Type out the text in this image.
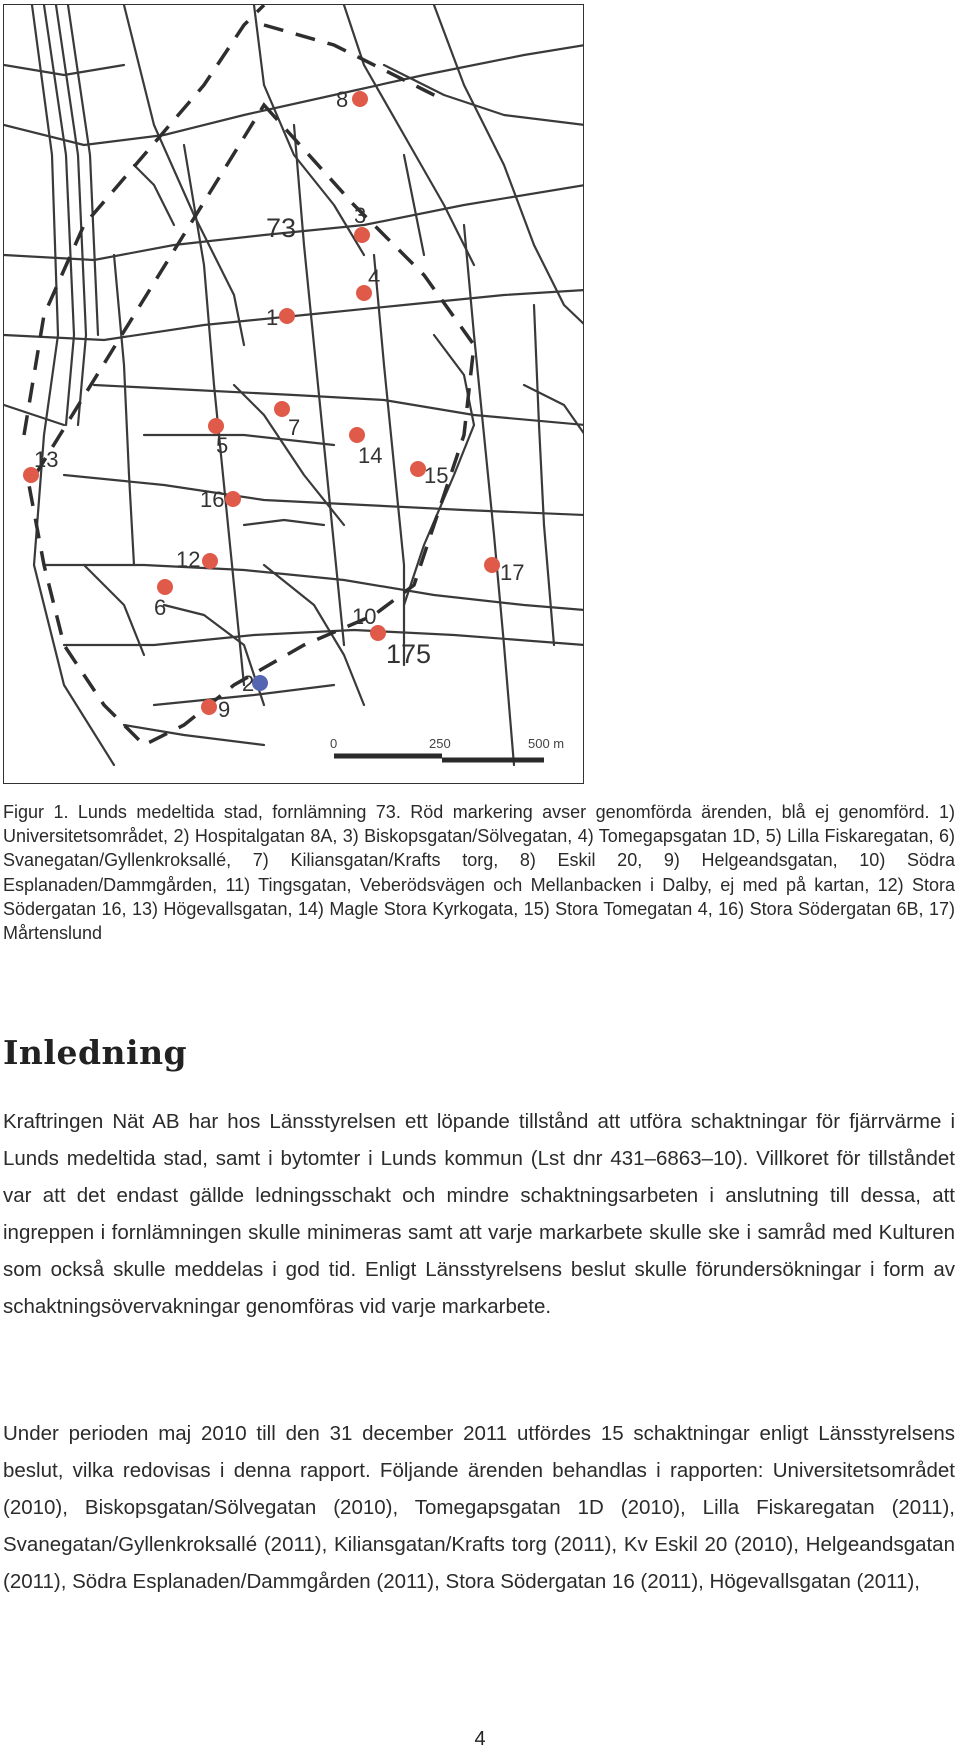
0	250	500 m
73
175
1
2
3
4
5
6
7
8
9
10
12
13	14
15
16
17
Figur 1. Lunds medeltida stad, fornlämning 73. Röd markering avser genomförda ärenden, blå ej genomförd. 1) Universitetsområdet, 2) Hospitalgatan 8A, 3) Biskopsgatan/Sölvegatan, 4) Tomegapsgatan 1D, 5) Lilla Fiskaregatan, 6) Svanegatan/Gyllenkroksallé, 7) Kiliansgatan/Krafts torg, 8) Eskil 20, 9) Helgeandsgatan, 10) Södra Esplanaden/Dammgården, 11) Tingsgatan, Veberödsvägen och Mellanbacken i Dalby, ej med på kartan, 12) Stora Södergatan 16, 13) Högevallsgatan, 14) Magle Stora Kyrkogata, 15) Stora Tomegatan 4, 16) Stora Södergatan 6B, 17) Mårtenslund
Inledning
Kraftringen Nät AB har hos Länsstyrelsen ett löpande tillstånd att utföra schaktningar för fjärrvärme i Lunds medeltida stad, samt i bytomter i Lunds kommun (Lst dnr 431–6863–10). Villkoret för tillståndet var att det endast gällde ledningsschakt och mindre schaktningsarbeten i anslutning till dessa, att ingreppen i fornlämningen skulle minimeras samt att varje markarbete skulle ske i samråd med Kulturen som också skulle meddelas i god tid. Enligt Länsstyrelsens beslut skulle förundersökningar i form av schaktningsövervakningar genomföras vid varje markarbete.
Under perioden maj 2010 till den 31 december 2011 utfördes 15 schaktningar enligt Länsstyrelsens beslut, vilka redovisas i denna rapport. Följande ärenden behandlas i rapporten: Universitetsområdet (2010), Biskopsgatan/Sölvegatan (2010), Tomegapsgatan 1D (2010), Lilla Fiskaregatan (2011), Svanegatan/Gyllenkroksallé (2011), Kiliansgatan/Krafts torg (2011), Kv Eskil 20 (2010), Helgeandsgatan (2011), Södra Esplanaden/Dammgården (2011), Stora Södergatan 16 (2011), Högevallsgatan (2011),
4
